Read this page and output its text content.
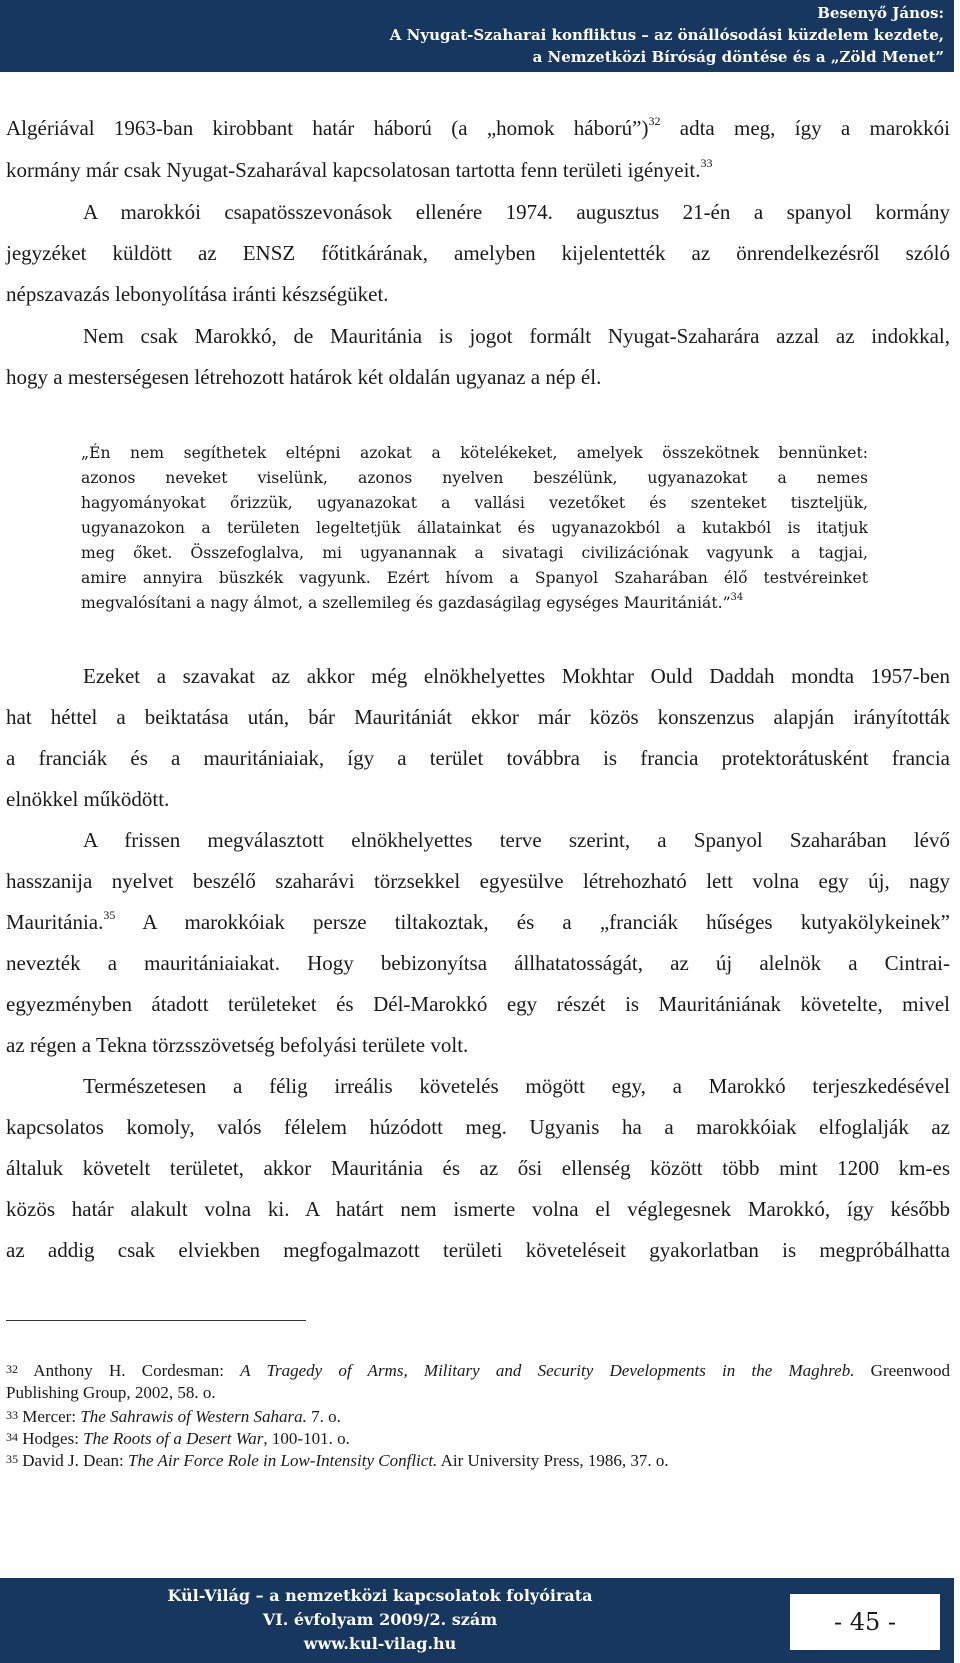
Besenyő János:
A Nyugat-Szaharai konfliktus – az önállósodási küzdelem kezdete,
a Nemzetközi Bíróság döntése és a „Zöld Menet”
Algériával 1963-ban kirobbant határ háború (a „homok háború”)$^{32}$ adta meg, így a marokkói
kormány már csak Nyugat-Szaharával kapcsolatosan tartotta fenn területi igényeit.$^{33}$
A marokkói csapatösszevonások ellenére 1974. augusztus 21-én a spanyol kormány
jegyzéket küldött az ENSZ főtitkárának, amelyben kijelentették az önrendelkezésről szóló
népszavazás lebonyolítása iránti készségüket.
Nem csak Marokkó, de Mauritánia is jogot formált Nyugat-Szaharára azzal az indokkal,
hogy a mesterségesen létrehozott határok két oldalán ugyanaz a nép él.
„Én nem segíthetek eltépni azokat a kötelékeket, amelyek összekötnek bennünket:
azonos neveket viselünk, azonos nyelven beszélünk, ugyanazokat a nemes
hagyományokat őrizzük, ugyanazokat a vallási vezetőket és szenteket tiszteljük,
ugyanazokon a területen legeltetjük állatainkat és ugyanazokból a kutakból is itatjuk
meg őket. Összefoglalva, mi ugyanannak a sivatagi civilizációnak vagyunk a tagjai,
amire annyira büszkék vagyunk. Ezért hívom a Spanyol Szaharában élő testvéreinket
megvalósítani a nagy álmot, a szellemileg és gazdaságilag egységes Mauritániát.”$^{34}$
Ezeket a szavakat az akkor még elnökhelyettes Mokhtar Ould Daddah mondta 1957-ben
hat héttel a beiktatása után, bár Mauritániát ekkor már közös konszenzus alapján irányították
a franciák és a mauritániaiak, így a terület továbbra is francia protektorátusként francia
elnökkel működött.
A frissen megválasztott elnökhelyettes terve szerint, a Spanyol Szaharában lévő
hasszanija nyelvet beszélő szaharávi törzsekkel egyesülve létrehozható lett volna egy új, nagy
Mauritánia.$^{35}$ A marokkóiak persze tiltakoztak, és a „franciák hűséges kutyakölykeinek”
nevezték a mauritániaiakat. Hogy bebizonyítsa állhatatosságát, az új alelnök a Cintrai-
egyezményben átadott területeket és Dél-Marokkó egy részét is Mauritániának követelte, mivel
az régen a Tekna törzsszövetség befolyási területe volt.
Természetesen a félig irreális követelés mögött egy, a Marokkó terjeszkedésével
kapcsolatos komoly, valós félelem húzódott meg. Ugyanis ha a marokkóiak elfoglalják az
általuk követelt területet, akkor Mauritánia és az ősi ellenség között több mint 1200 km-es
közös határ alakult volna ki. A határt nem ismerte volna el véglegesnek Marokkó, így később
az addig csak elviekben megfogalmazott területi követeléseit gyakorlatban is megpróbálhatta
$^{32}$ Anthony H. Cordesman: A Tragedy of Arms, Military and Security Developments in the Maghreb. Greenwood
Publishing Group, 2002, 58. o.
$^{33}$ Mercer: The Sahrawis of Western Sahara. 7. o.
$^{34}$ Hodges: The Roots of a Desert War, 100-101. o.
$^{35}$ David J. Dean: The Air Force Role in Low-Intensity Conflict. Air University Press, 1986, 37. o.
Kül-Világ – a nemzetközi kapcsolatok folyóirata
VI. évfolyam 2009/2. szám
www.kul-vilag.hu
- 45 -
